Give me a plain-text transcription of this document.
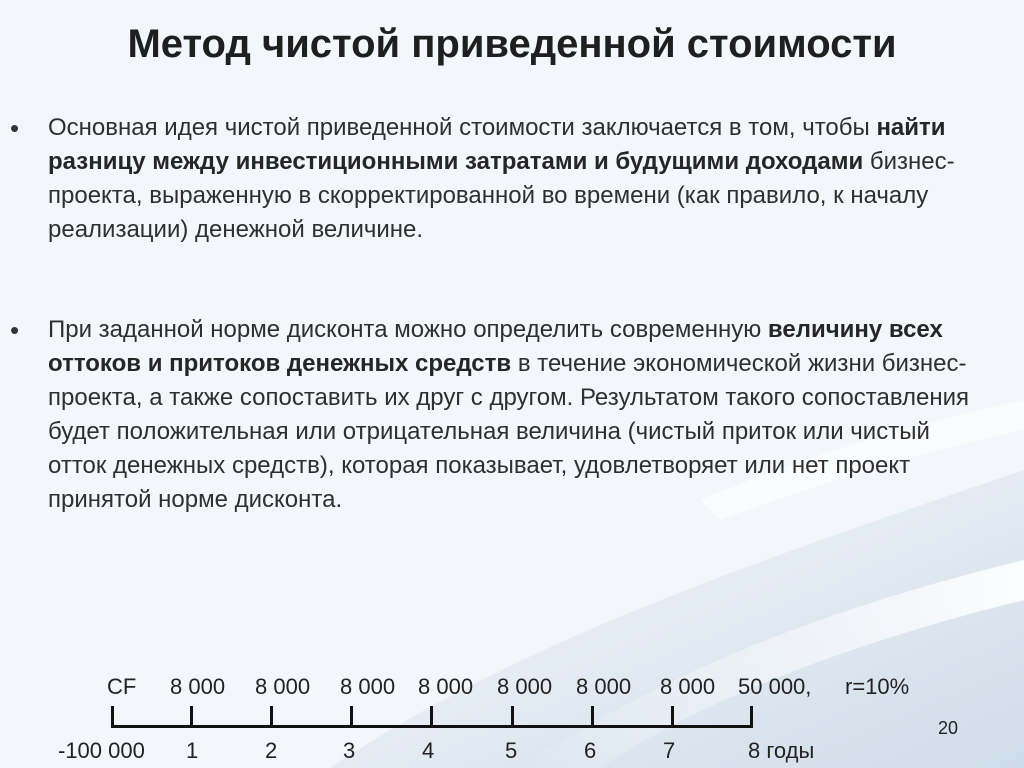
Метод чистой приведенной стоимости
• Основная идея чистой приведенной стоимости заключается в том, чтобы найти разницу между инвестиционными затратами и будущими доходами бизнес-проекта, выраженную в скорректированной во времени (как правило, к началу реализации) денежной величине.
• При заданной норме дисконта можно определить современную величину всех оттоков и притоков денежных средств в течение экономической жизни бизнес-проекта, а также сопоставить их друг с другом. Результатом такого сопоставления будет положительная или отрицательная величина (чистый приток или чистый отток денежных средств), которая показывает, удовлетворяет или нет проект принятой норме дисконта.
CF 8 000 8 000 8 000 8 000 8 000 8 000 8 000 50 000, r=10%
-100 000 1	2	3	4	5	6	7	8 годы
20
